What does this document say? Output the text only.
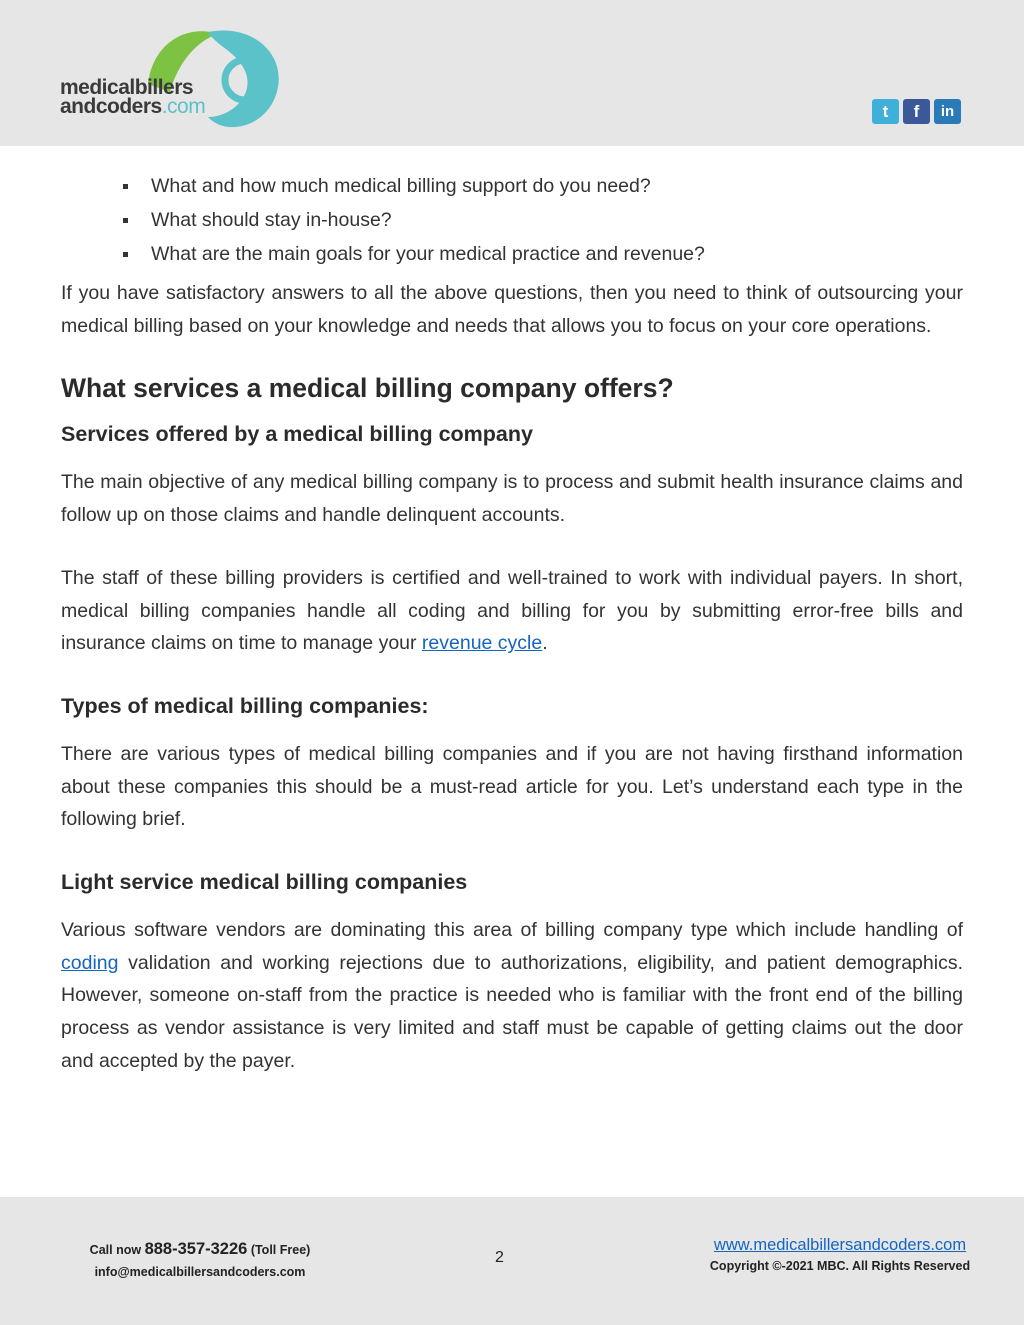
medicalbillers
andcoders.com	t	f	in
What and how much medical billing support do you need?
What should stay in-house?
What are the main goals for your medical practice and revenue?

If you have satisfactory answers to all the above questions, then you need to think of outsourcing your medical billing based on your knowledge and needs that allows you to focus on your core operations.

What services a medical billing company offers?
Services offered by a medical billing company

The main objective of any medical billing company is to process and submit health insurance claims and follow up on those claims and handle delinquent accounts.

The staff of these billing providers is certified and well-trained to work with individual payers. In short, medical billing companies handle all coding and billing for you by submitting error-free bills and insurance claims on time to manage your revenue cycle.

Types of medical billing companies:

There are various types of medical billing companies and if you are not having firsthand information about these companies this should be a must-read article for you. Let’s understand each type in the following brief.

Light service medical billing companies

Various software vendors are dominating this area of billing company type which include handling of coding validation and working rejections due to authorizations, eligibility, and patient demographics. However, someone on-staff from the practice is needed who is familiar with the front end of the billing process as vendor assistance is very limited and staff must be capable of getting claims out the door and accepted by the payer.

Call now 888-357-3226 (Toll Free)
info@medicalbillersandcoders.com
2
www.medicalbillersandcoders.com
Copyright ©-2021 MBC. All Rights Reserved
